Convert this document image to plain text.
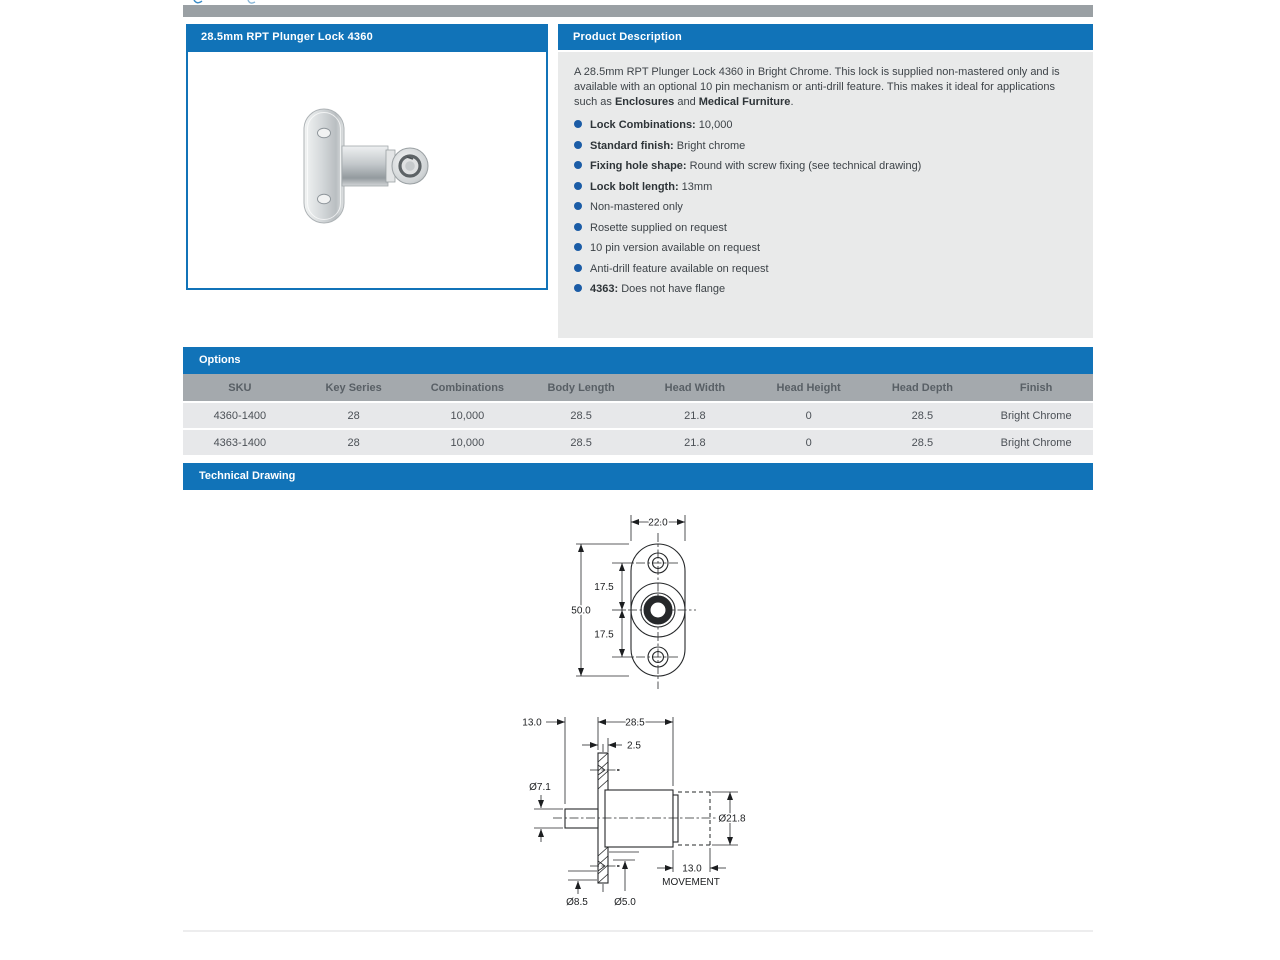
28.5mm RPT Plunger Lock 4360	Product Description

A 28.5mm RPT Plunger Lock 4360 in Bright Chrome. This lock is supplied non-mastered only and is available with an optional 10 pin mechanism or anti-drill feature. This makes it ideal for applications such as Enclosures and Medical Furniture.

Lock Combinations: 10,000
Standard finish: Bright chrome
Fixing hole shape: Round with screw fixing (see technical drawing)
Lock bolt length: 13mm
Non-mastered only
Rosette supplied on request
10 pin version available on request
Anti-drill feature available on request
4363: Does not have flange
Options
SKU	Key Series	Combinations	Body Length	Head Width	Head Height	Head Depth	Finish
4360-1400	28	10,000	28.5	21.8	0	28.5	Bright Chrome
4363-1400	28	10,000	28.5	21.8	0	28.5	Bright Chrome
Technical Drawing
22.0
50.0
17.5
17.5
13.0	28.5
2.5
Ø7.1
Ø21.8
13.0
MOVEMENT
Ø8.5	Ø5.0
